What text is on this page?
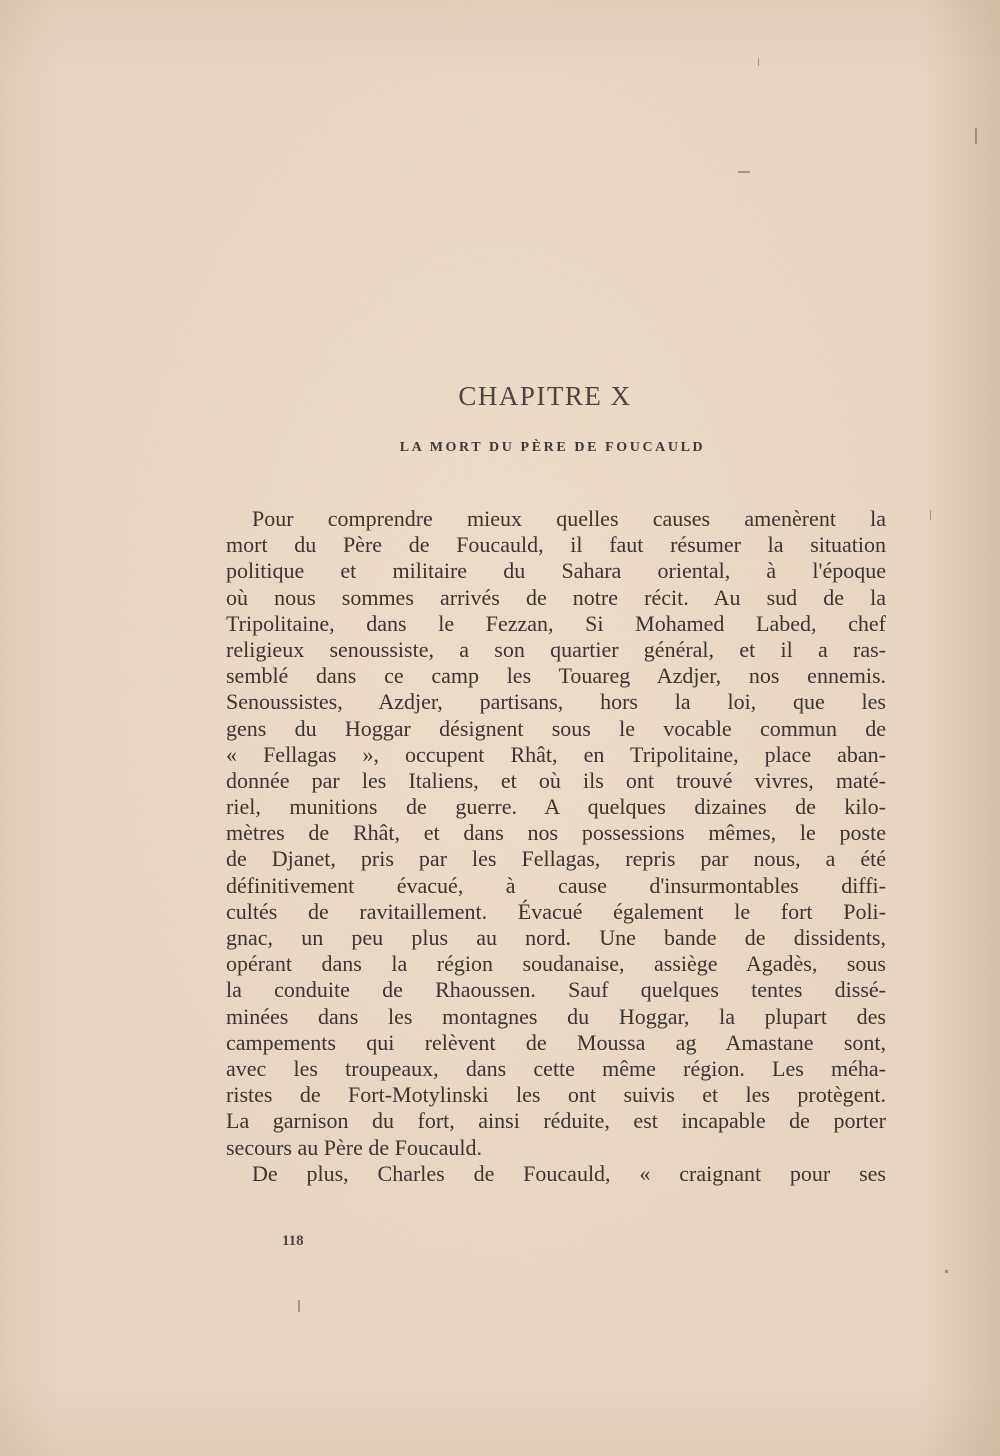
CHAPITRE X
LA MORT DU PÈRE DE FOUCAULD
Pour comprendre mieux quelles causes amenèrent la
mort du Père de Foucauld, il faut résumer la situation
politique et militaire du Sahara oriental, à l'époque
où nous sommes arrivés de notre récit. Au sud de la
Tripolitaine, dans le Fezzan, Si Mohamed Labed, chef
religieux senoussiste, a son quartier général, et il a ras-
semblé dans ce camp les Touareg Azdjer, nos ennemis.
Senoussistes, Azdjer, partisans, hors la loi, que les
gens du Hoggar désignent sous le vocable commun de
« Fellagas », occupent Rhât, en Tripolitaine, place aban-
donnée par les Italiens, et où ils ont trouvé vivres, maté-
riel, munitions de guerre. A quelques dizaines de kilo-
mètres de Rhât, et dans nos possessions mêmes, le poste
de Djanet, pris par les Fellagas, repris par nous, a été
définitivement évacué, à cause d'insurmontables diffi-
cultés de ravitaillement. Évacué également le fort Poli-
gnac, un peu plus au nord. Une bande de dissidents,
opérant dans la région soudanaise, assiège Agadès, sous
la conduite de Rhaoussen. Sauf quelques tentes dissé-
minées dans les montagnes du Hoggar, la plupart des
campements qui relèvent de Moussa ag Amastane sont,
avec les troupeaux, dans cette même région. Les méha-
ristes de Fort-Motylinski les ont suivis et les protègent.
La garnison du fort, ainsi réduite, est incapable de porter
secours au Père de Foucauld.
De plus, Charles de Foucauld, « craignant pour ses
118
